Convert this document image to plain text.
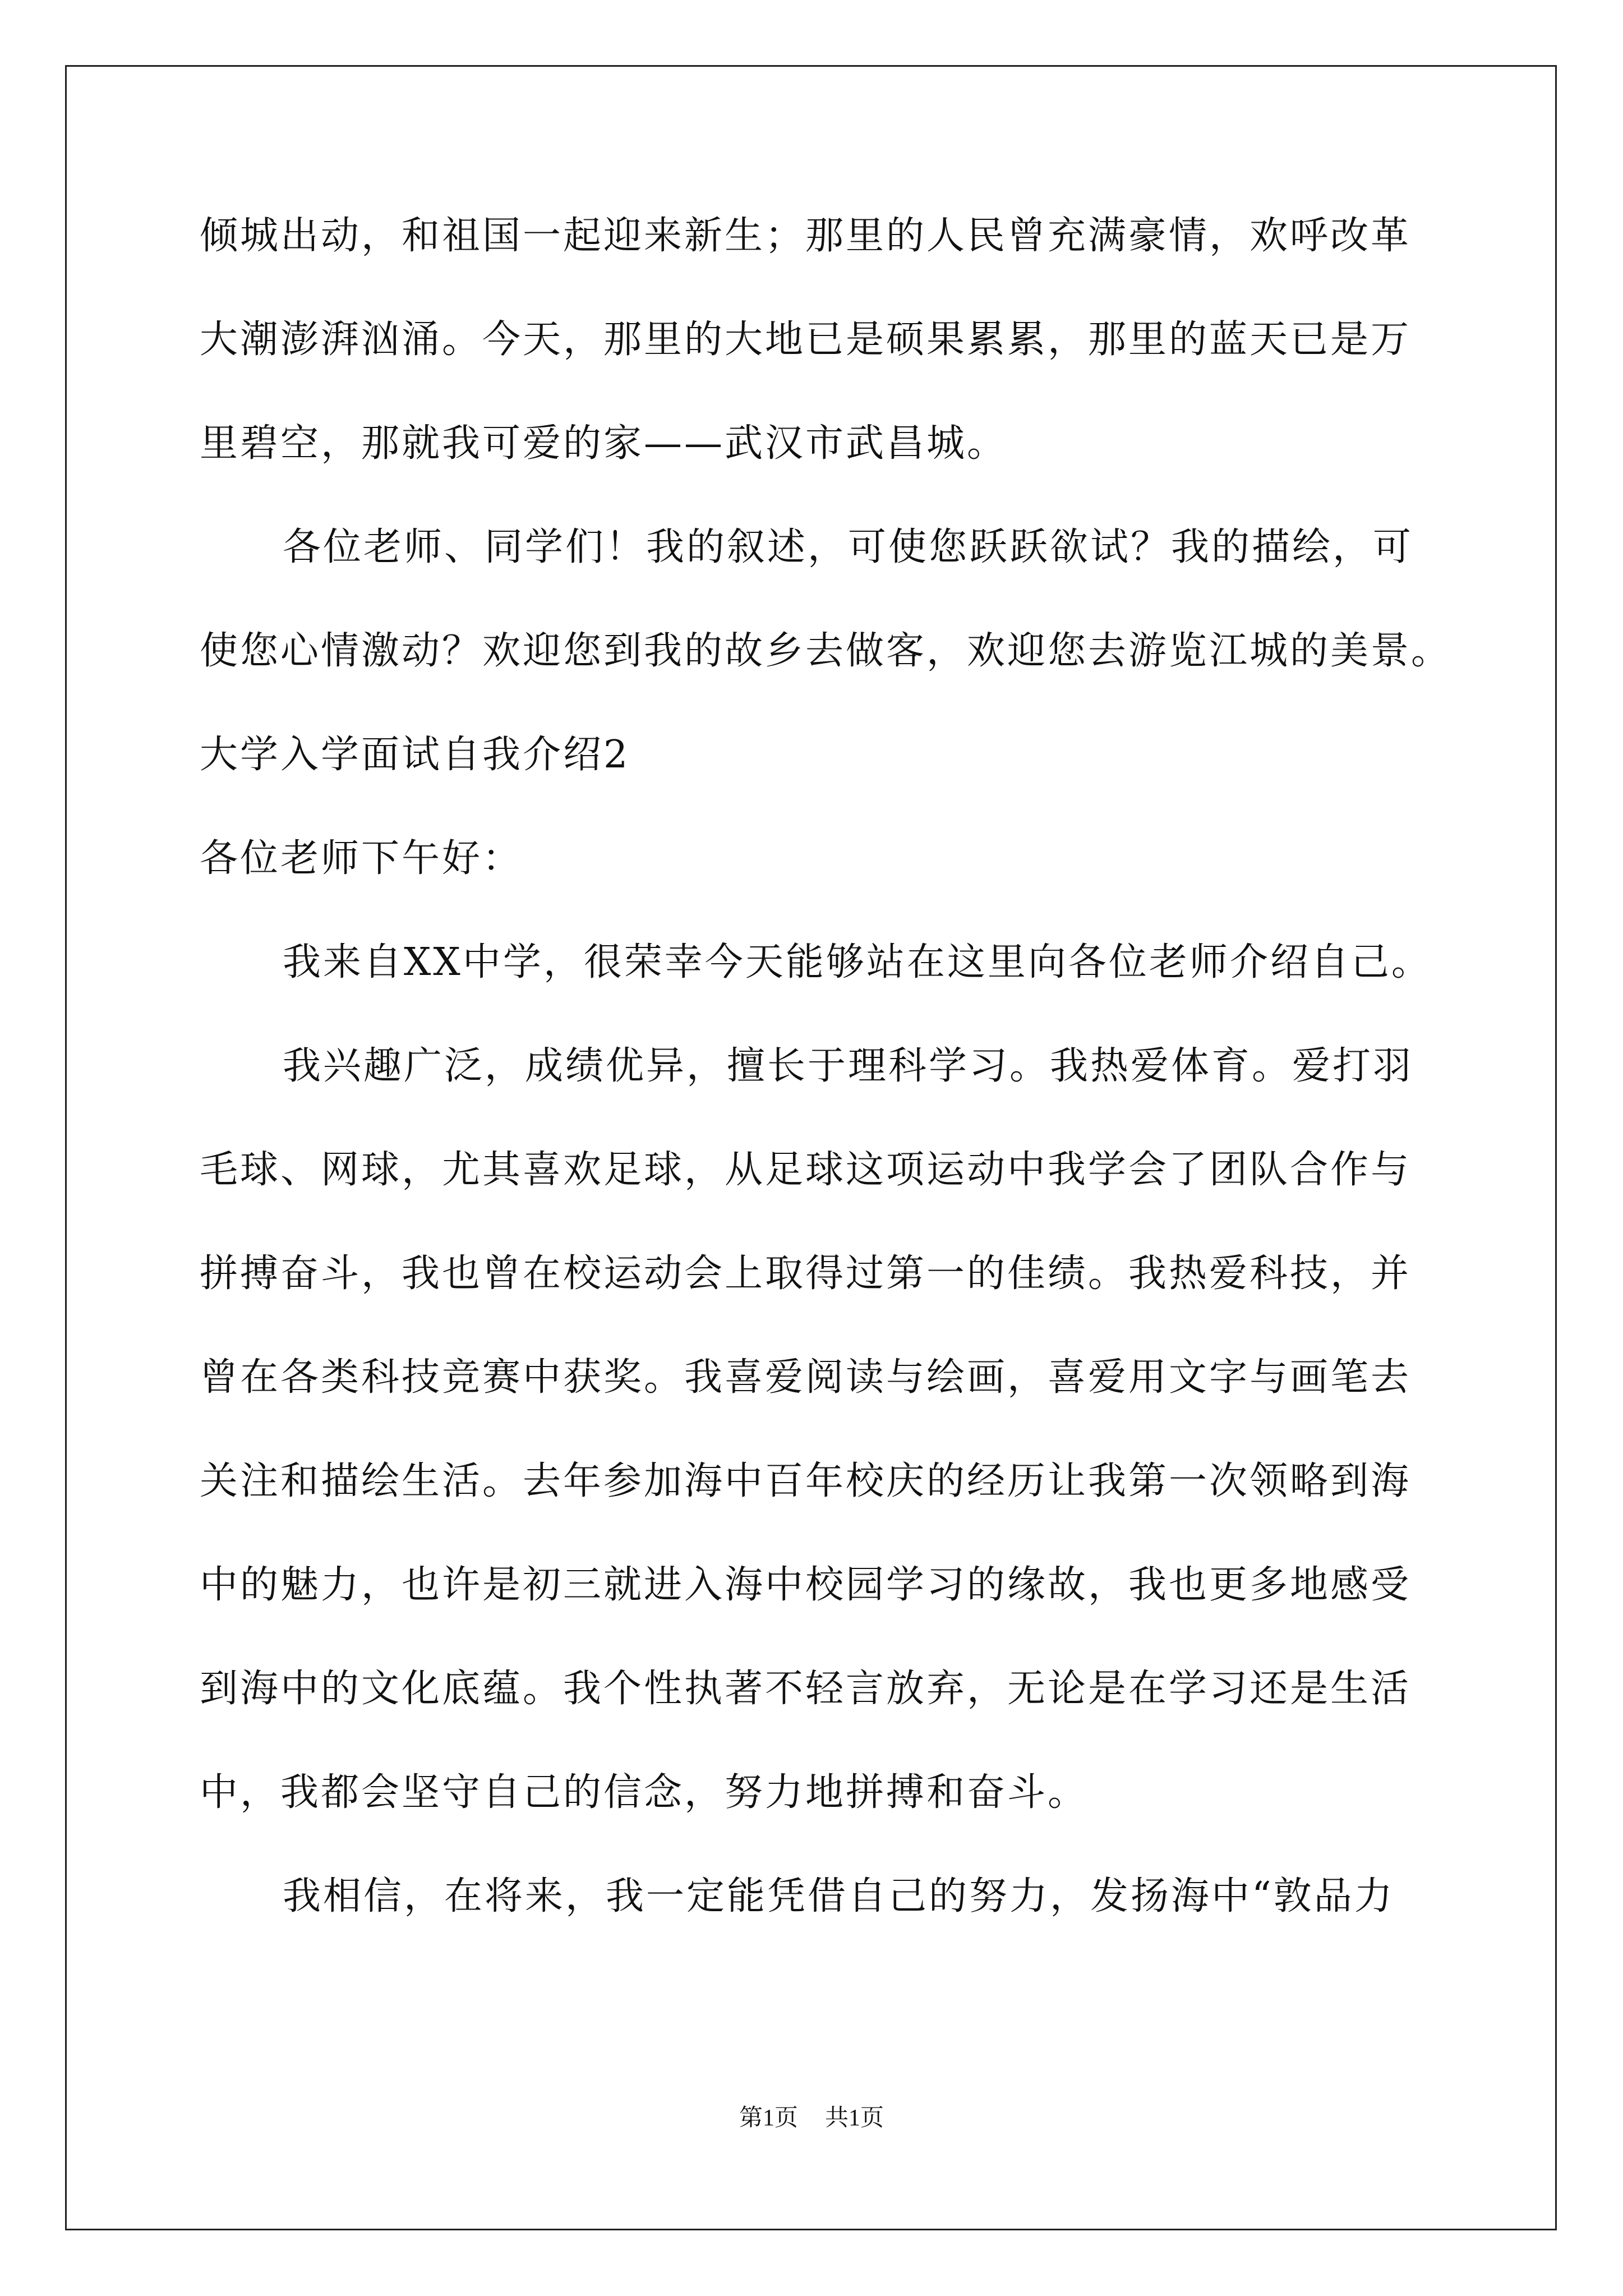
倾城出动，和祖国一起迎来新生；那里的人民曾充满豪情，欢呼改革

大潮澎湃汹涌。今天，那里的大地已是硕果累累，那里的蓝天已是万

里碧空，那就我可爱的家——武汉市武昌城。

各位老师、同学们！我的叙述，可使您跃跃欲试？我的描绘，可

使您心情激动？欢迎您到我的故乡去做客，欢迎您去游览江城的美景。

大学入学面试自我介绍2

各位老师下午好：

我来自XX中学，很荣幸今天能够站在这里向各位老师介绍自己。

我兴趣广泛，成绩优异，擅长于理科学习。我热爱体育。爱打羽

毛球、网球，尤其喜欢足球，从足球这项运动中我学会了团队合作与

拼搏奋斗，我也曾在校运动会上取得过第一的佳绩。我热爱科技，并

曾在各类科技竞赛中获奖。我喜爱阅读与绘画，喜爱用文字与画笔去

关注和描绘生活。去年参加海中百年校庆的经历让我第一次领略到海

中的魅力，也许是初三就进入海中校园学习的缘故，我也更多地感受

到海中的文化底蕴。我个性执著不轻言放弃，无论是在学习还是生活

中，我都会坚守自己的信念，努力地拼搏和奋斗。

我相信，在将来，我一定能凭借自己的努力，发扬海中“敦品力

第1页 共1页
